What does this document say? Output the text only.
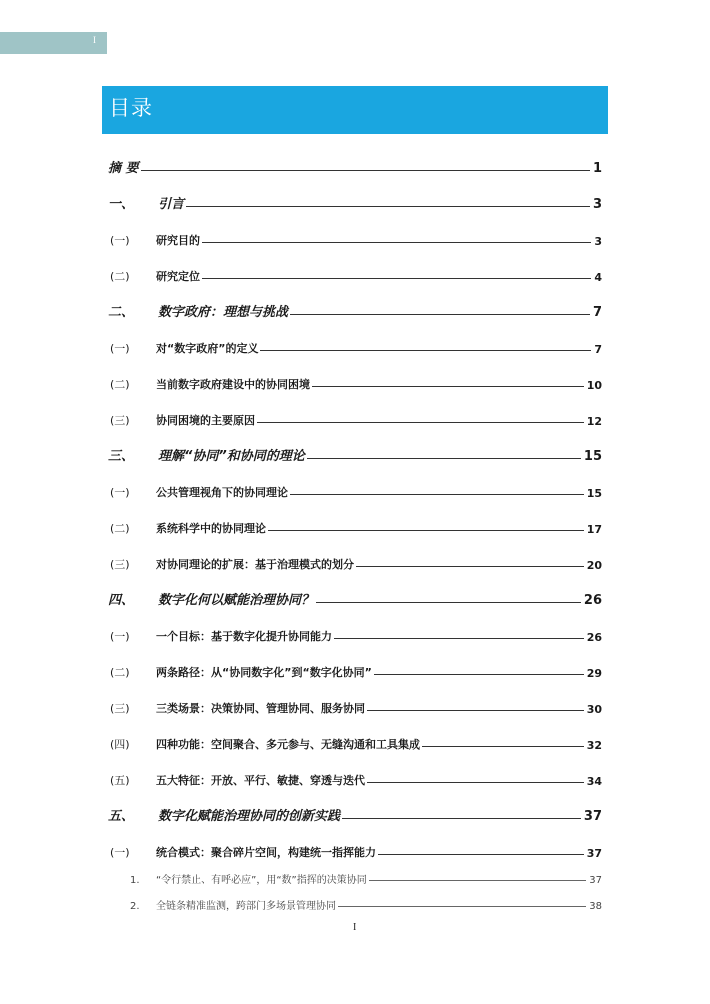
I
目录
摘 要	1
一、	引言	3
(一)	研究目的	3
(二)	研究定位	4
二、	数字政府：理想与挑战	7
(一)	对“数字政府”的定义	7
(二)	当前数字政府建设中的协同困境	10
(三)	协同困境的主要原因	12
三、	理解“协同”和协同的理论	15
(一)	公共管理视角下的协同理论	15
(二)	系统科学中的协同理论	17
(三)	对协同理论的扩展：基于治理模式的划分	20
四、	数字化何以赋能治理协同？	26
(一)	一个目标：基于数字化提升协同能力	26
(二)	两条路径：从“协同数字化”到“数字化协同”	29
(三)	三类场景：决策协同、管理协同、服务协同	30
(四)	四种功能：空间聚合、多元参与、无缝沟通和工具集成	32
(五)	五大特征：开放、平行、敏捷、穿透与迭代	34
五、	数字化赋能治理协同的创新实践	37
(一)	统合模式：聚合碎片空间，构建统一指挥能力	37
1.	“令行禁止、有呼必应”，用“数”指挥的决策协同	37
2.	全链条精准监测，跨部门多场景管理协同	38
I
